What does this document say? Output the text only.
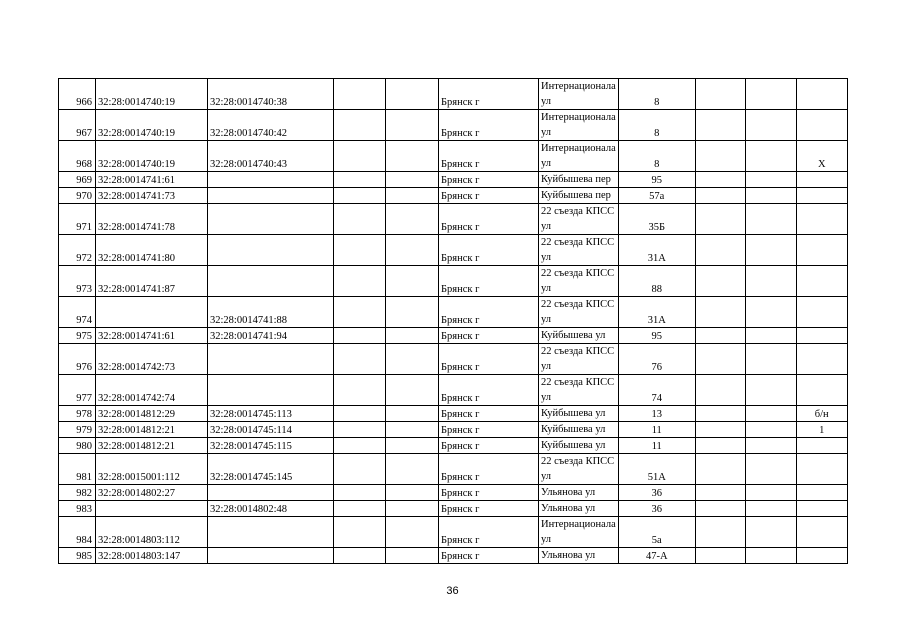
966	32:28:0014740:19	32:28:0014740:38			Брянск г	Интернационала ул	8			
967	32:28:0014740:19	32:28:0014740:42			Брянск г	Интернационала ул	8			
968	32:28:0014740:19	32:28:0014740:43			Брянск г	Интернационала ул	8			Х
969	32:28:0014741:61				Брянск г	Куйбышева пер	95			
970	32:28:0014741:73				Брянск г	Куйбышева пер	57а			
971	32:28:0014741:78				Брянск г	22 съезда КПСС ул	35Б			
972	32:28:0014741:80				Брянск г	22 съезда КПСС ул	31А			
973	32:28:0014741:87				Брянск г	22 съезда КПСС ул	88			
974		32:28:0014741:88			Брянск г	22 съезда КПСС ул	31А			
975	32:28:0014741:61	32:28:0014741:94			Брянск г	Куйбышева ул	95			
976	32:28:0014742:73				Брянск г	22 съезда КПСС ул	76			
977	32:28:0014742:74				Брянск г	22 съезда КПСС ул	74			
978	32:28:0014812:29	32:28:0014745:113			Брянск г	Куйбышева ул	13			б/н
979	32:28:0014812:21	32:28:0014745:114			Брянск г	Куйбышева ул	11			1
980	32:28:0014812:21	32:28:0014745:115			Брянск г	Куйбышева ул	11			
981	32:28:0015001:112	32:28:0014745:145			Брянск г	22 съезда КПСС ул	51А			
982	32:28:0014802:27				Брянск г	Ульянова ул	36			
983		32:28:0014802:48			Брянск г	Ульянова ул	36			
984	32:28:0014803:112				Брянск г	Интернационала ул	5а			
985	32:28:0014803:147				Брянск г	Ульянова ул	47-А			
36
